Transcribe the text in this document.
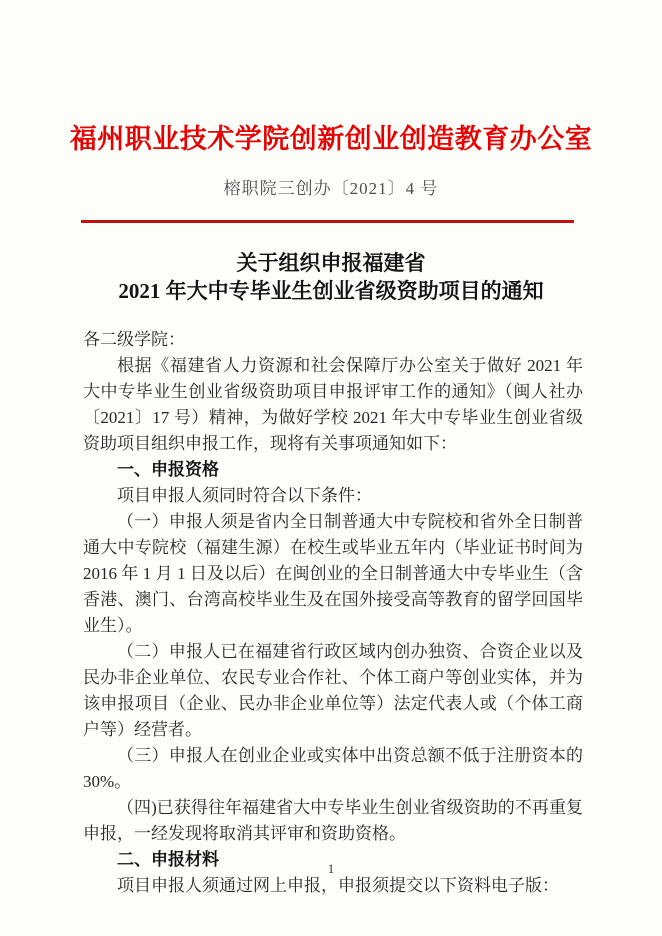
福州职业技术学院创新创业创造教育办公室
榕职院三创办〔2021〕4 号
关于组织申报福建省
2021 年大中专毕业生创业省级资助项目的通知

各二级学院：

根据《福建省人力资源和社会保障厅办公室关于做好 2021 年大中专毕业生创业省级资助项目申报评审工作的通知》（闽人社办〔2021〕17 号）精神，为做好学校 2021 年大中专毕业生创业省级资助项目组织申报工作，现将有关事项通知如下：

一、申报资格

项目申报人须同时符合以下条件：

（一）申报人须是省内全日制普通大中专院校和省外全日制普通大中专院校（福建生源）在校生或毕业五年内（毕业证书时间为 2016 年 1 月 1 日及以后）在闽创业的全日制普通大中专毕业生（含香港、澳门、台湾高校毕业生及在国外接受高等教育的留学回国毕业生）。

（二）申报人已在福建省行政区域内创办独资、合资企业以及民办非企业单位、农民专业合作社、个体工商户等创业实体，并为该申报项目（企业、民办非企业单位等）法定代表人或（个体工商户等）经营者。

（三）申报人在创业企业或实体中出资总额不低于注册资本的 30%。

（四)已获得往年福建省大中专毕业生创业省级资助的不再重复申报，一经发现将取消其评审和资助资格。

二、申报材料

项目申报人须通过网上申报，申报须提交以下资料电子版：

1
